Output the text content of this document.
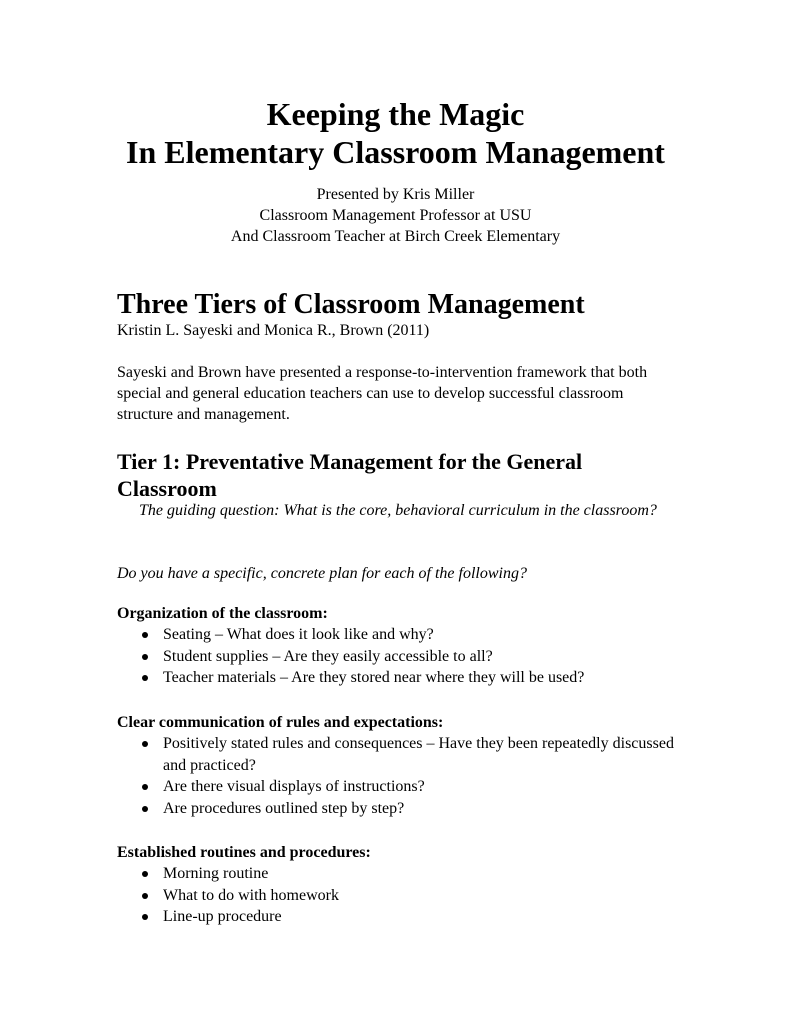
Keeping the Magic
In Elementary Classroom Management
Presented by Kris Miller
Classroom Management Professor at USU
And Classroom Teacher at Birch Creek Elementary
Three Tiers of Classroom Management

Kristin L. Sayeski and Monica R., Brown (2011)

Sayeski and Brown have presented a response-to-intervention framework that both special and general education teachers can use to develop successful classroom structure and management.

Tier 1: Preventative Management for the General Classroom

The guiding question: What is the core, behavioral curriculum in the classroom?

Do you have a specific, concrete plan for each of the following?

Organization of the classroom:

Seating – What does it look like and why?
Student supplies – Are they easily accessible to all?
Teacher materials – Are they stored near where they will be used?

Clear communication of rules and expectations:

Positively stated rules and consequences – Have they been repeatedly discussed and practiced?
Are there visual displays of instructions?
Are procedures outlined step by step?

Established routines and procedures:

Morning routine
What to do with homework
Line-up procedure
